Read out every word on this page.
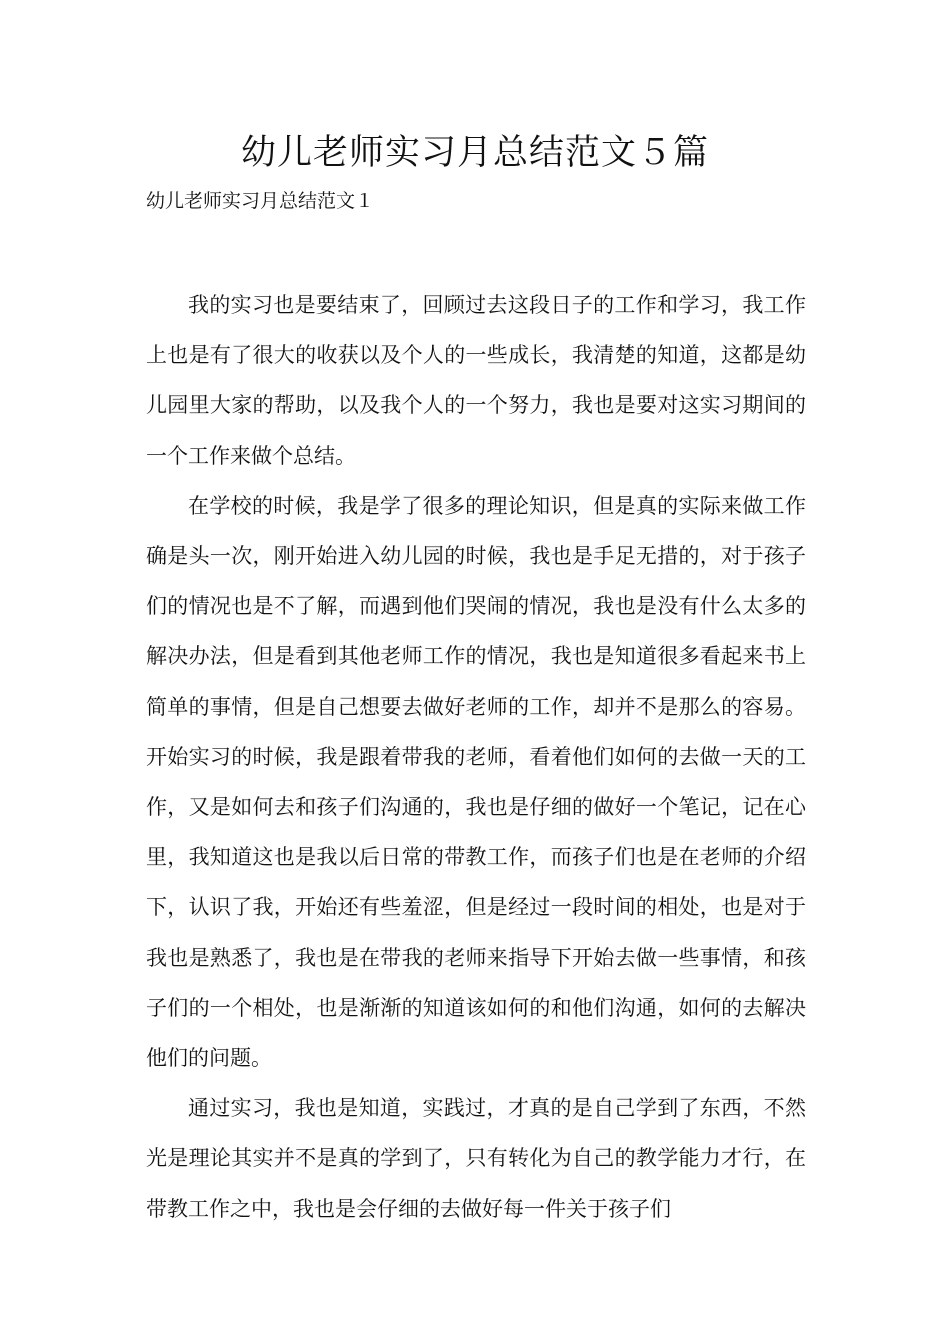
幼儿老师实习月总结范文５篇
幼儿老师实习月总结范文１

我的实习也是要结束了，回顾过去这段日子的工作和学习，我工作上也是有了很大的收获以及个人的一些成长，我清楚的知道，这都是幼儿园里大家的帮助，以及我个人的一个努力，我也是要对这实习期间的一个工作来做个总结。

在学校的时候，我是学了很多的理论知识，但是真的实际来做工作确是头一次，刚开始进入幼儿园的时候，我也是手足无措的，对于孩子们的情况也是不了解，而遇到他们哭闹的情况，我也是没有什么太多的解决办法，但是看到其他老师工作的情况，我也是知道很多看起来书上简单的事情，但是自己想要去做好老师的工作，却并不是那么的容易。开始实习的时候，我是跟着带我的老师，看着他们如何的去做一天的工作，又是如何去和孩子们沟通的，我也是仔细的做好一个笔记，记在心里，我知道这也是我以后日常的带教工作，而孩子们也是在老师的介绍下，认识了我，开始还有些羞涩，但是经过一段时间的相处，也是对于我也是熟悉了，我也是在带我的老师来指导下开始去做一些事情，和孩子们的一个相处，也是渐渐的知道该如何的和他们沟通，如何的去解决他们的问题。

通过实习，我也是知道，实践过，才真的是自己学到了东西，不然光是理论其实并不是真的学到了，只有转化为自己的教学能力才行，在带教工作之中，我也是会仔细的去做好每一件关于孩子们
